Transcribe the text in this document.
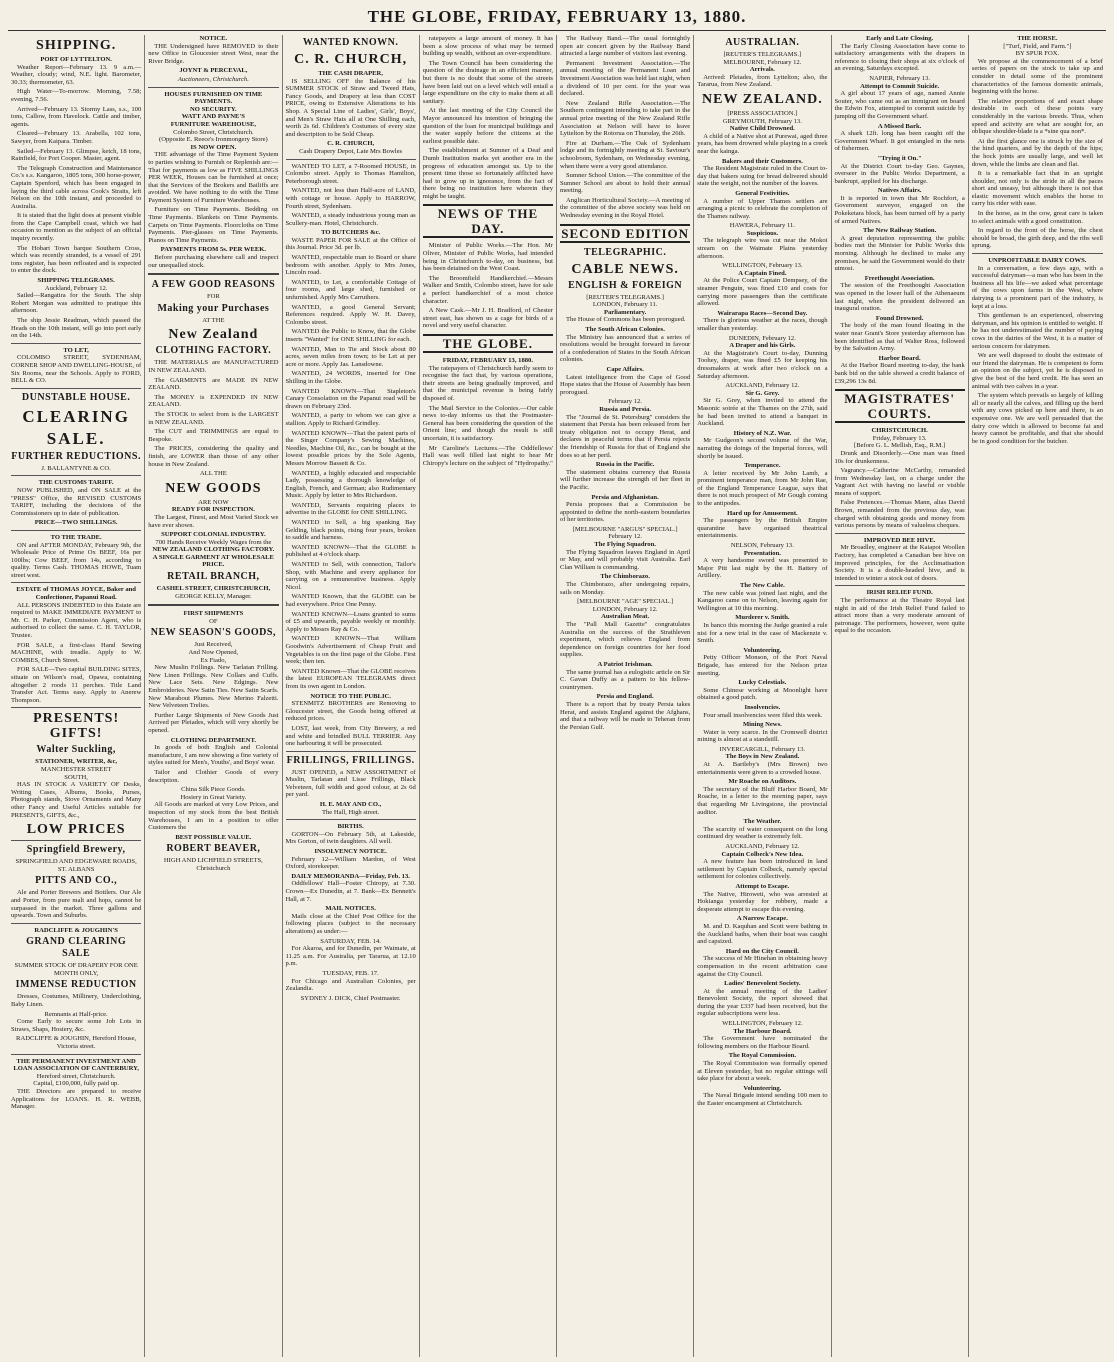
THE GLOBE, FRIDAY, FEBRUARY 13, 1880.
SHIPPING.
PORT OF LYTTELTON.

Weather Report—February 13. 9 a.m.—Weather, cloudy; wind, N.E. light. Barometer, 30.33; thermometer, 63.

High Water—To-morrow. Morning, 7.58; evening, 7.56.

Arrived—February 13. Stormy Lass, s.s., 100 tons, Callow, from Havelock. Cattle and timber, agents.

Cleared—February 13. Arabella, 102 tons, Sawyer, from Kaipara. Timber.

Sailed—February 13. Glimpse, ketch, 18 tons, Rainfield, for Port Cooper. Master, agent.

The Telegraph Construction and Maintenance Co.'s s.s. Kangaroo, 1805 tons, 300 horse-power, Captain Spenford, which has been engaged in laying the third cable across Cook's Straits, left Nelson on the 10th instant, and proceeded to Australia.

It is stated that the light does at present visible from the Cape Campbell coast, which we had occasion to mention as the subject of an official inquiry recently.

The Hobart Town barque Southern Cross, which was recently stranded, is a vessel of 291 tons register, has been refloated and is expected to enter the dock.

SHIPPING TELEGRAMS.
Auckland, February 12.

Sailed—Rangatira for the South. The ship Robert Morgan was admitted to pratique this afternoon.

The ship Jessie Readman, which passed the Heads on the 10th instant, will go into port early on the 14th.

TO LET,

COLOMBO STREET, SYDENHAM, CORNER SHOP AND DWELLING-HOUSE, of Six Rooms, near the Schools. Apply to FORD, BELL & CO.

DUNSTABLE HOUSE.
CLEARING
SALE.
FURTHER REDUCTIONS.
J. BALLANTYNE & CO.
THE CUSTOMS TARIFF.

NOW PUBLISHED, and ON SALE at the "PRESS" Office, the REVISED CUSTOMS TARIFF, including the decisions of the Commissioners up to date of publication.

PRICE—TWO SHILLINGS.
TO THE TRADE.

ON and AFTER MONDAY, February 9th, the Wholesale Price of Prime Ox BEEF, 16s per 100lbs; Cow BEEF, from 14s, according to quality. Terms Cash. THOMAS HOWE, Tuam street west.

ESTATE of THOMAS JOYCE, Baker and Confectioner, Papanui Road.

ALL PERSONS INDEBTED to this Estate are required to MAKE IMMEDIATE PAYMENT to Mr. C. H. Parker, Commission Agent, who is authorised to collect the same. C. H. TAYLOR, Trustee.

FOR SALE, a first-class Hand Sewing MACHINE, with treadle. Apply to W. COMBES, Church Street.

FOR SALE—Two capital BUILDING SITES, situate on Wilson's road, Opawa, containing altogether 2 roods 11 perches. Title Land Transfer Act. Terms easy. Apply to Anerew Thompson.

PRESENTS! GIFTS!
Walter Suckling,
STATIONER, WRITER, &c,
MANCHESTER STREET
SOUTH,

HAS IN STOCK A VARIETY OF Desks, Writing Cases, Albums, Books, Purses, Photograph stands, Stove Ornaments and Many other Fancy and Useful Articles suitable for PRESENTS, GIFTS, &c.,

LOW PRICES
Springfield Brewery,
SPRINGFIELD AND EDGEWARE ROADS, ST. ALBANS
PITTS AND CO.,

Ale and Porter Brewers and Bottlers. Our Ale and Porter, from pure malt and hops, cannot be surpassed in the market. Three gallons and upwards. Town and Suburbs.

RADCLIFFE & JOUGHIN'S
GRAND CLEARING SALE
SUMMER STOCK OF DRAPERY FOR ONE MONTH ONLY,
IMMENSE REDUCTION

Dresses, Costumes, Millinery, Underclothing, Baby Linen.

Remnants at Half-price.

Come Early to secure some Job Lots in Straws, Shaps, Hosiery, &c.

RADCLIFFE & JOUGHIN, Hereford House, Victoria street.
THE PERMANENT INVESTMENT AND LOAN ASSOCIATION OF CANTERBURY,
Hereford street, Christchurch.
Capital, £100,000, fully paid up.

THE Directors are prepared to receive Applications for LOANS. H. R. WEBB, Manager.

NOTICE.

THE Undersigned have REMOVED to their new Office in Gloucester street West, near the River Bridge.

JOYNT & PERCEVAL,
Auctioneers, Christchurch.
HOUSES FURNISHED ON TIME PAYMENTS.
NO SECURITY.
WATT AND PAYNE'S
FURNITURE WAREHOUSE,
Colombo Street, Christchurch.
(Opposite E. Reece's Ironmongery Store)
IS NOW OPEN.

THE advantage of the Time Payment System to parties wishing to Furnish or Replenish are:—That for payments as low as FIVE SHILLINGS PER WEEK, Houses can be furnished at once; that the Services of the Brokers and Bailiffs are avoided. We have nothing to do with the Time Payment System of Furniture Warehouses.

Furniture on Time Payments. Bedding on Time Payments. Blankets on Time Payments. Carpets on Time Payments. Floorcloths on Time Payments. Pier-glasses on Time Payments. Pianos on Time Payments.

PAYMENTS FROM 5s. PER WEEK.

Before purchasing elsewhere call and inspect our unequalled stock.

A FEW GOOD REASONS
FOR
Making your Purchases
AT THE
New Zealand
CLOTHING FACTORY.

THE MATERIALS are MANUFACTURED IN NEW ZEALAND.

The GARMENTS are MADE IN NEW ZEALAND.

The MONEY is EXPENDED IN NEW ZEALAND.

The STOCK to select from is the LARGEST in NEW ZEALAND.

The CUT and TRIMMINGS are equal to Bespoke.

The PRICES, considering the quality and finish, are LOWER than those of any other house in New Zealand.

ALL THE
NEW GOODS
ARE NOW
READY FOR INSPECTION.

The Largest, Finest, and Most Varied Stock we have ever shown.

SUPPORT COLONIAL INDUSTRY.
700 Hands Receive Weekly Wages from the
NEW ZEALAND CLOTHING FACTORY.
A SINGLE GARMENT AT WHOLESALE PRICE.
RETAIL BRANCH,
CASHEL STREET, CHRISTCHURCH,
GEORGE KELLY, Manager.
FIRST SHIPMENTS
OF
NEW SEASON'S GOODS,
Just Received,
And Now Opened,
Ex Fiado,

New Muslin Frillings. New Tarlatan Frilling. New Linen Frillings. New Collars and Cuffs. New Lace Sets. New Edgings. New Embroideries. New Satin Ties. New Satin Scarfs. New Marabout Plumes. New Merino Falzetti. New Velveteen Trelies.

Further Large Shipments of New Goods Just Arrived per Pleiades, which will very shortly be opened.

CLOTHING DEPARTMENT.

In goods of both English and Colonial manufacture, I am now showing a fine variety of styles suited for Men's, Youths', and Boys' wear.

Tailor and Clothier Goods of every description.

China Silk Piece Goods.
Hosiery in Great Variety.

All Goods are marked at very Low Prices, and inspection of my stock from the best British Warehouses, I am in a position to offer Customers the

BEST POSSIBLE VALUE.
ROBERT BEAVER,
HIGH AND LICHFIELD STREETS, Christchurch
WANTED KNOWN.
C. R. CHURCH,
THE CASH DRAPER,

IS SELLING OFF the Balance of his SUMMER STOCK of Straw and Tweed Hats, Fancy Goods, and Drapery at less than COST PRICE, owing to Extensive Alterations to his Shop. A Special Line of Ladies', Girls', Boys', and Men's Straw Hats all at One Shilling each, worth 2s 6d. Children's Costumes of every size and description to be Sold Cheap.

C. R. CHURCH,
Cash Drapery Depot, Late Mrs Bowles

WANTED TO LET, a 7-Roomed HOUSE, in Colombo street. Apply to Thomas Hamilton, Peterborough street.

WANTED, not less than Half-acre of LAND, with cottage or house. Apply to HARROW, Fourth street, Sydenham.

WANTED, a steady industrious young man as Scullery-man. Hotel, Christchurch.

TO BUTCHERS &c.

WASTE PAPER FOR SALE at the Office of this Journal. Price 3d. per lb.

WANTED, respectable man to Board or share bedroom with another. Apply to Mrs Jones, Lincoln road.

WANTED, to Let, a comfortable Cottage of four rooms, and large shed, furnished or unfurnished. Apply Mrs Carruthers.

WANTED, a good General Servant; References required. Apply W. H. Davey, Colombo street.

WANTED the Public to Know, that the Globe inserts "Wanted" for ONE SHILLING for each.

WANTED, Man to Tie and Stock about 80 acres, seven miles from town; to be Let at per acre or more. Apply Jas. Lansdowne.

WANTED, 24 WORDS, inserted for One Shilling in the Globe.

WANTED KNOWN—That Stapleton's Canary Consolation on the Papanui road will be drawn on February 23rd.

WANTED, a party to whom we can give a stallion. Apply to Richard Grindley.

WANTED KNOWN—That the patent parts of the Singer Company's Sewing Machines, Needles, Machine Oil, &c., can be bought at the lowest possible prices by the Sole Agents, Messrs Morrow Bassett & Co.

WANTED, a highly educated and respectable Lady, possessing a thorough knowledge of English, French, and German; also Rudimentary Music. Apply by letter to Mrs Richardson.

WANTED, Servants requiring places to advertise in the GLOBE for ONE SHILLING.

WANTED to Sell, a big spanking Bay Gelding, black points, rising four years, broken to saddle and harness.

WANTED KNOWN—That the GLOBE is published at 4 o'clock sharp.

WANTED to Sell, with connection, Tailor's Shop, with Machine and every appliance for carrying on a remunerative business. Apply Nicol.

WANTED Known, that the GLOBE can be had everywhere. Price One Penny.

WANTED KNOWN—Loans granted to sums of £5 and upwards, payable weekly or monthly. Apply to Messrs Ray & Co.

WANTED KNOWN—That William Goodwin's Advertisement of Cheap Fruit and Vegetables is on the first page of the Globe. First week; then ten.

WANTED Known—That the GLOBE receives the latest EUROPEAN TELEGRAMS direct from its own agent in London.

NOTICE TO THE PUBLIC.

STENMITZ BROTHERS are Removing to Gloucester street, the Goods being offered at reduced prices.

LOST, last week, from City Brewery, a red and white and brindled BULL TERRIER. Any one harbouring it will be prosecuted.

FRILLINGS, FRILLINGS.

JUST OPENED, a NEW ASSORTMENT of Muslin, Tarlatan and Lisse Frillings, Black Velveteen, full width and good colour, at 2s 6d per yard.

H. E. MAY AND CO.,
The Hall, High street.
BIRTHS.

GORTON—On February 5th, at Lakeside, Mrs Gorton, of twin daughters. All well.

INSOLVENCY NOTICE.

February 12—William Mardon, of West Oxford, storekeeper.

DAILY MEMORANDA—Friday, Feb. 13.

Oddfellows' Hall—Foster Chiropy, at 7.30. Crown—Ex Dunedin, at 7. Bank—Ex Bennett's Hall, at 7.

MAIL NOTICES.

Mails close at the Chief Post Office for the following places (subject to the necessary alterations) as under:—

SATURDAY, FEB. 14.

For Akaroa, and for Dunedin, per Waimate, at 11.25 a.m. For Australia, per Tararua, at 12.10 p.m.

TUESDAY, FEB. 17.

For Chicago and Australian Colonies, per Zealandia.

SYDNEY J. DICK, Chief Postmaster.

ratepayers a large amount of money. It has been a slow process of what may be termed building up wealth, without an over-expenditure.

The Town Council has been considering the question of the drainage in an efficient manner, but there is no doubt that some of the streets have been laid out on a level which will entail a large expenditure on the city to make them at all sanitary.

At the last meeting of the City Council the Mayor announced his intention of bringing the question of the loan for municipal buildings and the water supply before the citizens at the earliest possible date.

The establishment at Sumner of a Deaf and Dumb Institution marks yet another era in the progress of education amongst us. Up to the present time those so fortunately afflicted have had to grow up in ignorance, from the fact of there being no institution here wherein they might be taught.

NEWS OF THE DAY.

Minister of Public Works.—The Hon. Mr Oliver, Minister of Public Works, had intended being in Christchurch to-day, on business, but has been detained on the West Coast.

The Broomfield Handkerchief.—Messrs Walker and Smith, Colombo street, have for sale a perfect handkerchief of a most choice character.

A New Cask.—Mr J. H. Bradford, of Chester street east, has shown us a cage for birds of a novel and very useful character.

THE GLOBE.
FRIDAY, FEBRUARY 13, 1880.

The ratepayers of Christchurch hardly seem to recognise the fact that, by various operations, their streets are being gradually improved, and that the municipal revenue is being fairly disposed of.

The Mail Service to the Colonies.—Our cable news to-day informs us that the Postmaster-General has been considering the question of the Orient line; and though the result is still uncertain, it is satisfactory.

Mr Caroline's Lectures.—The Oddfellows' Hall was well filled last night to hear Mr Chiropy's lecture on the subject of "Hydropathy."

The Railway Band.—The usual fortnightly open air concert given by the Railway Band attracted a large number of visitors last evening.

Permanent Investment Association.—The annual meeting of the Permanent Loan and Investment Association was held last night, when a dividend of 10 per cent. for the year was declared.

New Zealand Rifle Association.—The Southern contingent intending to take part in the annual prize meeting of the New Zealand Rifle Association at Nelson will have to leave Lyttelton by the Rotorua on Thursday, the 26th.

Fire at Durham.—The Oak of Sydenham lodge and its fortnightly meeting at St. Saviour's schoolroom, Sydenham, on Wednesday evening, when there were a very good attendance.

Sumner School Union.—The committee of the Sumner School are about to hold their annual meeting.

Anglican Horticultural Society.—A meeting of the committee of the above society was held on Wednesday evening in the Royal Hotel.

SECOND EDITION
TELEGRAPHIC.
CABLE NEWS.
ENGLISH & FOREIGN
[REUTER'S TELEGRAMS.]
LONDON, February 11.
Parliamentary.

The House of Commons has been prorogued.

The South African Colonies.

The Ministry has announced that a series of resolutions would be brought forward in favour of a confederation of States in the South African colonies.

Cape Affairs.

Latest intelligence from the Cape of Good Hope states that the House of Assembly has been prorogued.

February 12.
Russia and Persia.

The "Journal de St. Petersburg" considers the statement that Persia has been released from her treaty obligation not to occupy Herat, and declares in peaceful terms that if Persia rejects the friendship of Russia for that of England she does so at her peril.

Russia in the Pacific.

The statement obtains currency that Russia will further increase the strength of her fleet in the Pacific.

Persia and Afghanistan.

Persia proposes that a Commission be appointed to define the north-eastern boundaries of her territories.

[MELBOURNE "ARGUS" SPECIAL.]
February 12.
The Flying Squadron.

The Flying Squadron leaves England in April or May, and will probably visit Australia. Earl Clan William is commanding.

The Chimborazo.

The Chimborazo, after undergoing repairs, sails on Monday.

[MELBOURNE "AGE" SPECIAL.]
LONDON, February 12.
Australian Meat.

The "Pall Mall Gazette" congratulates Australia on the success of the Strathleven experiment, which relieves England from dependence on foreign countries for her food supplies.

A Patriot Irishman.

The same journal has a eulogistic article on Sir C. Gavan Duffy as a pattern to his fellow-countrymen.

Persia and England.

There is a report that by treaty Persia takes Herat, and assists England against the Afghans, and that a railway will be made to Teheran from the Persian Gulf.

AUSTRALIAN.
[REUTER'S TELEGRAMS.]
MELBOURNE, February 12.
Arrivals.

Arrived: Pleiades, from Lyttelton; also, the Tararua, from New Zealand.

NEW ZEALAND.
[PRESS ASSOCIATION.]
GREYMOUTH, February 13.
Native Child Drowned.

A child of a Native shot at Purewai, aged three years, has been drowned while playing in a creek near the kainga.

Bakers and their Customers.

The Resident Magistrate ruled in the Court to-day that bakers suing for bread delivered should state the weight, not the number of the loaves.

General Festivities.

A number of Upper Thames settlers are arranging a picnic to celebrate the completion of the Thames railway.

HAWERA, February 11.
Suspicious.

The telegraph wire was cut near the Mokoi stream on the Waimate Plains yesterday afternoon.

WELLINGTON, February 13.
A Captain Fined.

At the Police Court Captain Dempsey, of the steamer Penguin, was fined £10 and costs for carrying more passengers than the certificate allowed.

Wairarapa Races—Second Day.

There is glorious weather at the races, though smaller than yesterday.

DUNEDIN, February 12.
A Draper and his Girls.

At the Magistrate's Court to-day, Dunning Toohey, draper, was fined £5 for keeping his dressmakers at work after two o'clock on a Saturday afternoon.

AUCKLAND, February 12.
Sir G. Grey.

Sir G. Grey, when invited to attend the Masonic soirée at the Thames on the 27th, said he had been invited to attend a banquet in Auckland.

History of N.Z. War.

Mr Gudgeon's second volume of the War, narrating the doings of the Imperial forces, will shortly be issued.

Temperance.

A letter received by Mr John Lamb, a prominent temperance man, from Mr John Rae, of the England Temperance League, says that there is not much prospect of Mr Gough coming to the antipodes.

Hard up for Amusement.

The passengers by the British Empire quarantine have organised theatrical entertainments.

NELSON, February 13.
Presentation.

A very handsome sword was presented to Major Pitt last night by the H. Battery of Artillery.

The New Cable.

The new cable was joined last night, and the Kangaroo came on to Nelson, leaving again for Wellington at 10 this morning.

Murderer v. Smith.

In banco this morning the Judge granted a rule nisi for a new trial in the case of Mackenzie v. Smith.

Volunteering.

Petty Officer Monson, of the Port Naval Brigade, has entered for the Nelson prize meeting.

Lucky Celestials.

Some Chinese working at Moonlight have obtained a good patch.

Insolvencies.

Four small insolvencies were filed this week.

Mining News.

Water is very scarce. In the Cromwell district mining is almost at a standstill.

INVERCARGILL, February 13.
The Boys in New Zealand.

At A. Bartleby's (Mrs Brown) two entertainments were given to a crowded house.

Mr Roache on Auditors.

The secretary of the Bluff Harbor Board, Mr Roache, in a letter to the morning paper, says that regarding Mr Livingstone, the provincial auditor.

The Weather.

The scarcity of water consequent on the long continued dry weather is extremely felt.

AUCKLAND, February 12.
Captain Colbeck's New Idea.

A new feature has been introduced in land settlement by Captain Colbeck, namely special settlement for colonies collectively.

Attempt to Escape.

The Native, Hiroweti, who was arrested at Hokianga yesterday for robbery, made a desperate attempt to escape this evening.

A Narrow Escape.

M. and D. Kaquhan and Scott were bathing in the Auckland baths, when their boat was caught and capsized.

Hard on the City Council.

The success of Mr Hinehan in obtaining heavy compensation in the recent arbitration case against the City Council.

Ladies' Benevolent Society.

At the annual meeting of the Ladies' Benevolent Society, the report showed that during the year £337 had been received, but the regular subscriptions were less.

WELLINGTON, February 12.
The Harbour Board.

The Government have nominated the following members on the Harbour Board.

The Royal Commission.

The Royal Commission was formally opened at Eleven yesterday, but no regular sittings will take place for about a week.

Volunteering.

The Naval Brigade intend sending 100 men to the Easter encampment at Christchurch.

Early and Late Closing.

The Early Closing Association have come to satisfactory arrangements with the drapers in reference to closing their shops at six o'clock of an evening, Saturdays excepted.

NAPIER, February 13.
Attempt to Commit Suicide.

A girl about 17 years of age, named Annie Souter, who came out as an immigrant on board the Edwin Fox, attempted to commit suicide by jumping off the Government wharf.

A Missed Bark.

A shark 12ft. long has been caught off the Government Wharf. It got entangled in the nets of fishermen.

"Trying it On."

At the District Court to-day Geo. Gaynes, overseer in the Public Works Department, a bankrupt, applied for his discharge.

Natives Affairs.

It is reported in town that Mr Rochfort, a Government surveyor, engaged on the Pokeketara block, has been turned off by a party of armed Natives.

The New Railway Station.

A great deputation representing the public bodies met the Minister for Public Works this morning. Although he declined to make any promises, he said the Government would do their utmost.

Freethought Association.

The session of the Freethought Association was opened in the lower hall of the Athenaeum last night, when the president delivered an inaugural oration.

Found Drowned.

The body of the man found floating in the water near Grant's Store yesterday afternoon has been identified as that of Walter Ross, followed by the Salvation Army.

Harbor Board.

At the Harbor Board meeting to-day, the bank bank bid on the table showed a credit balance of £39,296 13s 8d.

MAGISTRATES' COURTS.
CHRISTCHURCH.
Friday, February 13.
[Before G. L. Mellish, Esq., R.M.]

Drunk and Disorderly.—One man was fined 10s for drunkenness.

Vagrancy.—Catherine McCarthy, remanded from Wednesday last, on a charge under the Vagrant Act with having no lawful or visible means of support.

False Pretences.—Thomas Mann, alias David Brown, remanded from the previous day, was charged with obtaining goods and money from various persons by means of valueless cheques.

IMPROVED BEE HIVE.

Mr Broadley, engineer at the Kaiapoi Woollen Factory, has completed a Canadian bee hive on improved principles, for the Acclimatisation Society. It is a double-headed hive, and is intended to winter a stock out of doors.

IRISH RELIEF FUND.

The performance at the Theatre Royal last night in aid of the Irish Relief Fund failed to attract more than a very moderate amount of patronage. The performers, however, were quite equal to the occasion.

THE HORSE.
["Turf, Field, and Farm."]
BY SPUR FOX.

We propose at the commencement of a brief series of papers on the stock to take up and consider in detail some of the prominent characteristics of the famous domestic animals, beginning with the horse.

The relative proportions of and exact shape desirable in each of these points vary considerably in the various breeds. Thus, when speed and activity are what are sought for, an oblique shoulder-blade is a *sine qua non*.

At the first glance one is struck by the size of the hind quarters, and by the depth of the hips; the hock joints are usually large, and well let down, while the limbs are clean and flat.

It is a remarkable fact that in an upright shoulder, not only is the stride in all the paces short and uneasy, but although there is not that elastic movement which enables the horse to carry his rider with ease.

In the horse, as in the cow, great care is taken to select animals with a good constitution.

In regard to the front of the horse, the chest should be broad, the girth deep, and the ribs well sprung.

UNPROFITABLE DAIRY COWS.

In a conversation, a few days ago, with a successful dairyman—a man who has been in the business all his life—we asked what percentage of the cows upon farms in the West, where dairying is a prominent part of the industry, is kept at a loss.

This gentleman is an experienced, observing dairyman, and his opinion is entitled to weight. If he has not underestimated the number of paying cows in the dairies of the West, it is a matter of serious concern for dairymen.

We are well disposed to doubt the estimate of our friend the dairyman. He is competent to form an opinion on the subject, yet he is disposed to give the best of the herd credit. He has seen an animal with two calves in a year.

The system which prevails so largely of killing all or nearly all the calves, and filling up the herd with any cows picked up here and there, is an expensive one. We are well persuaded that the dairy cow which is allowed to become fat and heavy cannot be profitable, and that she should be in good condition for the butcher.
